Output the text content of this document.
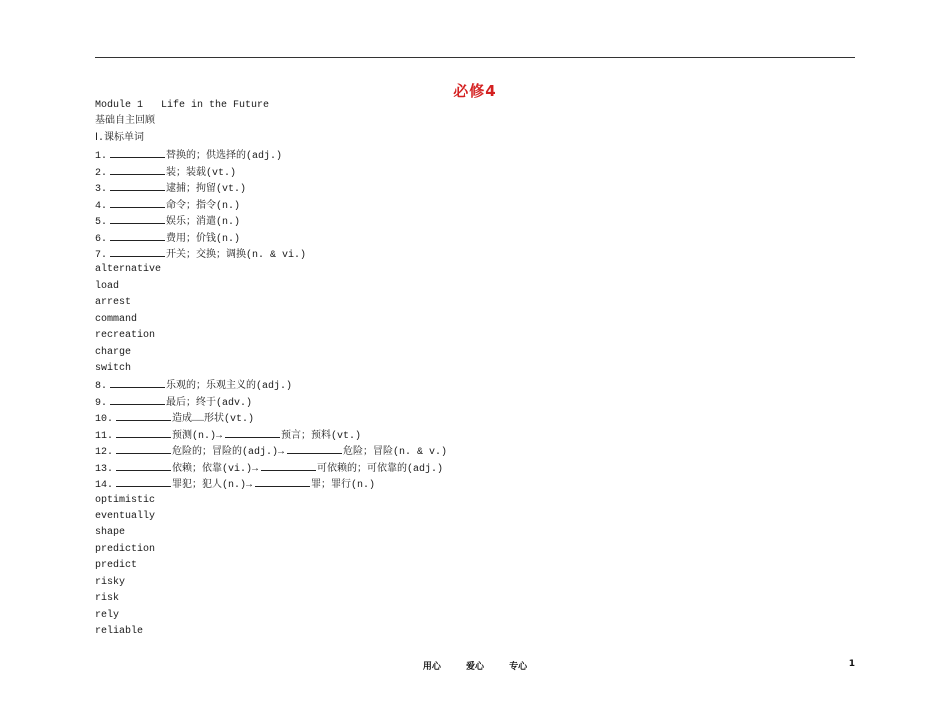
必修4
Module 1   Life in the Future
基础自主回顾
Ⅰ.课标单词
1.	替换的；供选择的(adj.)
2.	装；装载(vt.)
3.	逮捕；拘留(vt.)
4.	命令；指令(n.)
5.	娱乐；消遣(n.)
6.	费用；价钱(n.)
7.	开关；交换；调换(n. & vi.)
alternative
load
arrest
command
recreation
charge
switch
8.	乐观的；乐观主义的(adj.)
9.	最后；终于(adv.)
10.	造成……形状(vt.)
11.	预测(n.)→	预言；预料(vt.)
12.	危险的；冒险的(adj.)→	危险；冒险(n. & v.)
13.	依赖；依靠(vi.)→	可依赖的；可依靠的(adj.)
14.	罪犯；犯人(n.)→	罪；罪行(n.)
optimistic
eventually
shape
prediction
predict
risky
risk
rely
reliable
用心 爱心 专心	1
